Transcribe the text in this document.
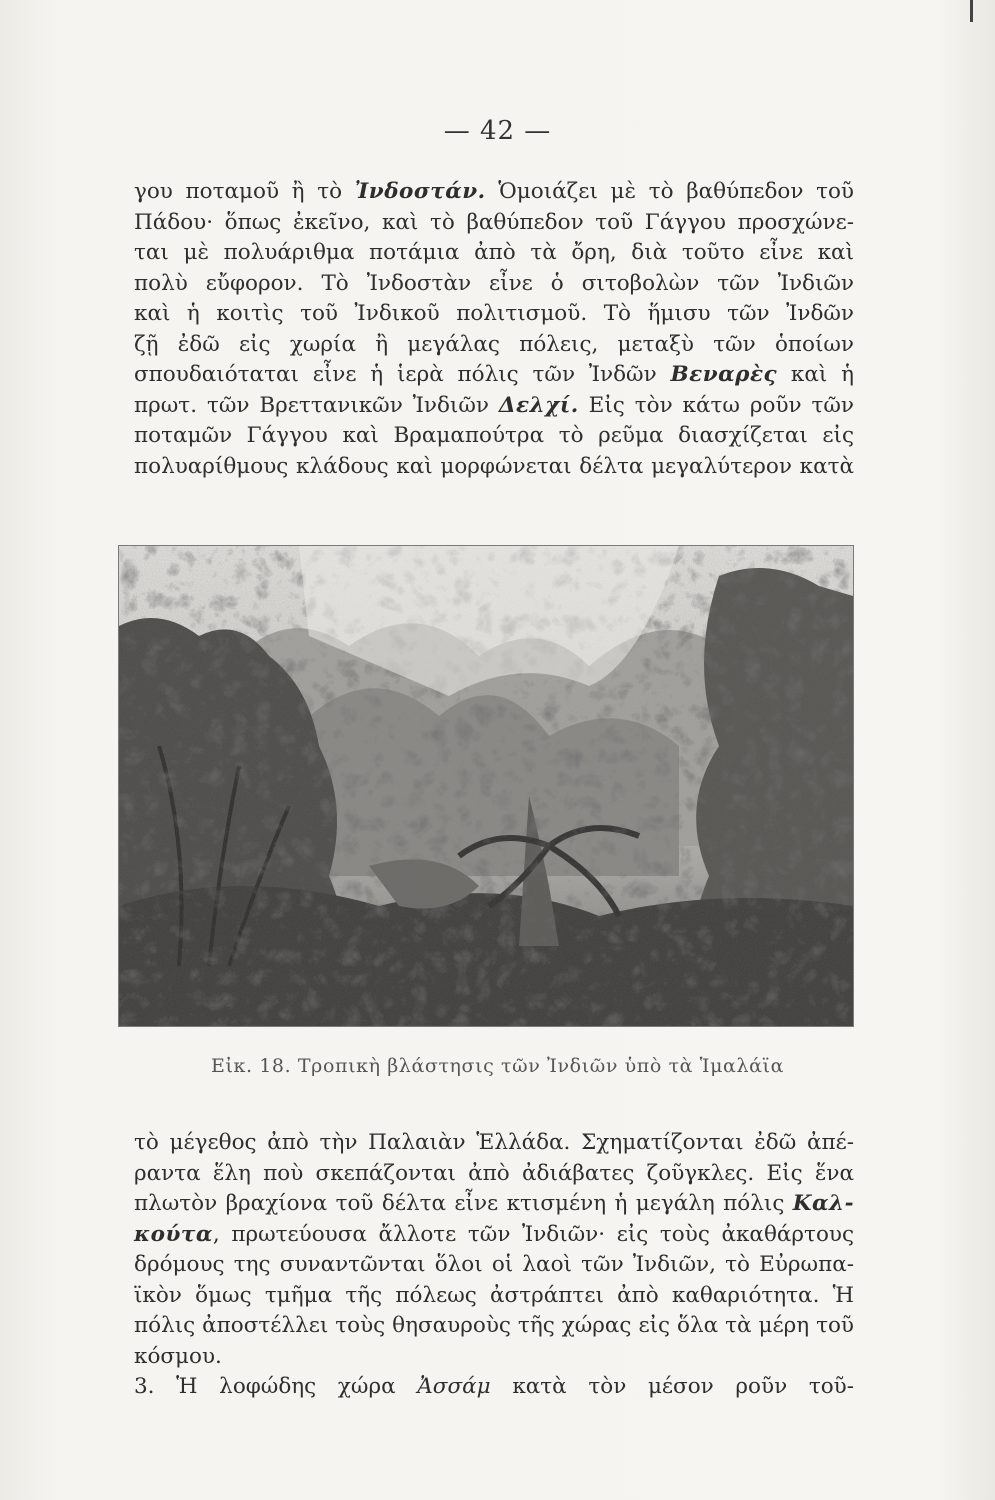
— 42 —
γου ποταμοῦ ἢ τὸ Ἰνδοστάν. Ὁμοιάζει μὲ τὸ βαθύπεδον τοῦ
Πάδου· ὅπως ἐκεῖνο, καὶ τὸ βαθύπεδον τοῦ Γάγγου προσχώνε-
ται μὲ πολυάριθμα ποτάμια ἀπὸ τὰ ὄρη, διὰ τοῦτο εἶνε καὶ
πολὺ εὔφορον. Τὸ Ἰνδοστὰν εἶνε ὁ σιτοβολὼν τῶν Ἰνδιῶν
καὶ ἡ κοιτὶς τοῦ Ἰνδικοῦ πολιτισμοῦ. Τὸ ἥμισυ τῶν Ἰνδῶν
ζῇ ἐδῶ εἰς χωρία ἢ μεγάλας πόλεις, μεταξὺ τῶν ὁποίων
σπουδαιόταται εἶνε ἡ ἱερὰ πόλις τῶν Ἰνδῶν Βεναρὲς καὶ ἡ
πρωτ. τῶν Βρεττανικῶν Ἰνδιῶν Δελχί. Εἰς τὸν κάτω ροῦν τῶν
ποταμῶν Γάγγου καὶ Βραμαπούτρα τὸ ρεῦμα διασχίζεται εἰς
πολυαρίθμους κλάδους καὶ μορφώνεται δέλτα μεγαλύτερον κατὰ
Εἰκ. 18. Τροπικὴ βλάστησις τῶν Ἰνδιῶν ὑπὸ τὰ Ἱμαλάϊα
τὸ μέγεθος ἀπὸ τὴν Παλαιὰν Ἑλλάδα. Σχηματίζονται ἐδῶ ἀπέ-
ραντα ἕλη ποὺ σκεπάζονται ἀπὸ ἀδιάβατες ζοῦγκλες. Εἰς ἕνα
πλωτὸν βραχίονα τοῦ δέλτα εἶνε κτισμένη ἡ μεγάλη πόλις Καλ-
κούτα, πρωτεύουσα ἄλλοτε τῶν Ἰνδιῶν· εἰς τοὺς ἀκαθάρτους
δρόμους της συναντῶνται ὅλοι οἱ λαοὶ τῶν Ἰνδιῶν, τὸ Εὐρωπα-
ϊκὸν ὅμως τμῆμα τῆς πόλεως ἀστράπτει ἀπὸ καθαριότητα. Ἡ
πόλις ἀποστέλλει τοὺς θησαυροὺς τῆς χώρας εἰς ὅλα τὰ μέρη τοῦ
κόσμου.
3. Ἡ λοφώδης χώρα Ἀσσάμ κατὰ τὸν μέσον ροῦν τοῦ-
